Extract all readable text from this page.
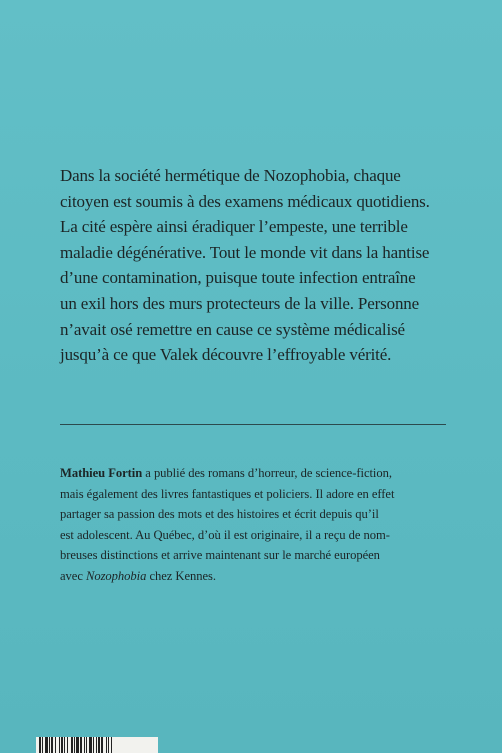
Dans la société hermétique de Nozophobia, chaque
citoyen est soumis à des examens médicaux quotidiens.
La cité espère ainsi éradiquer l’empeste, une terrible
maladie dégénérative. Tout le monde vit dans la hantise
d’une contamination, puisque toute infection entraîne
un exil hors des murs protecteurs de la ville. Personne
n’avait osé remettre en cause ce système médicalisé
jusqu’à ce que Valek découvre l’effroyable vérité.

Mathieu Fortin a publié des romans d’horreur, de science-fiction,
mais également des livres fantastiques et policiers. Il adore en effet
partager sa passion des mots et des histoires et écrit depuis qu’il
est adolescent. Au Québec, d’où il est originaire, il a reçu de nom-
breuses distinctions et arrive maintenant sur le marché européen
avec Nozophobia chez Kennes.
